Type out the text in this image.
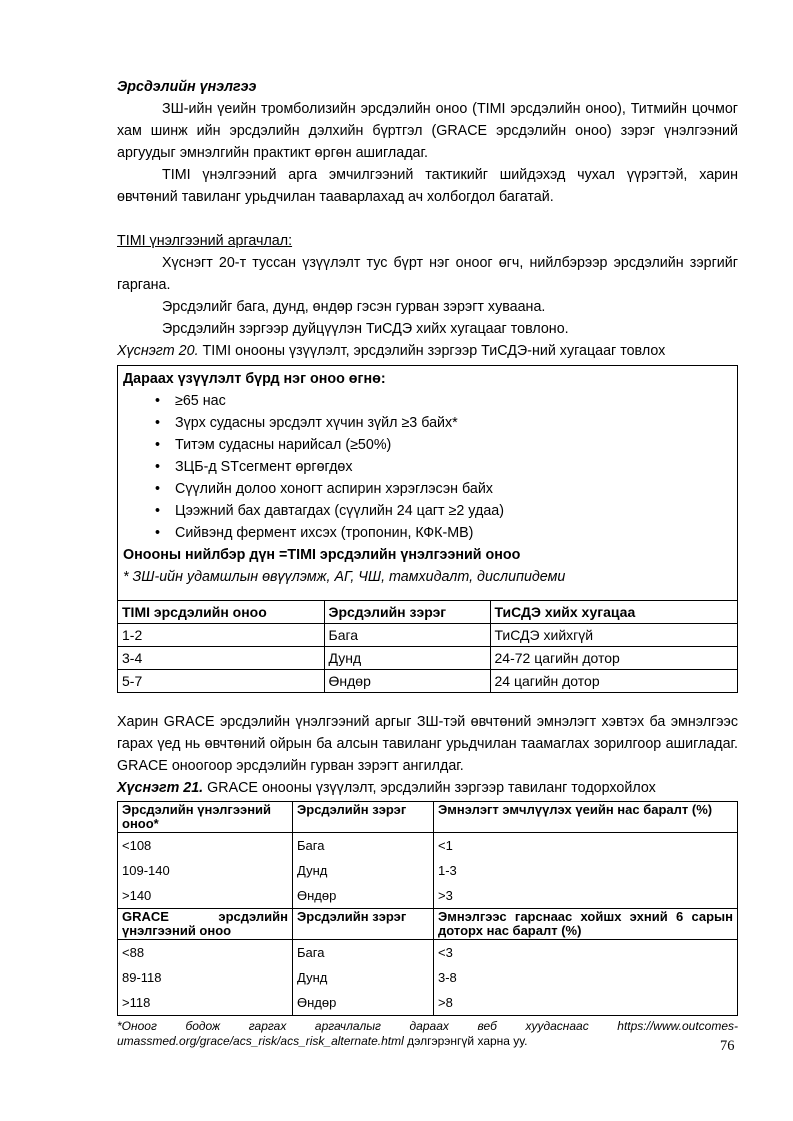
Эрсдэлийн үнэлгээ

ЗШ-ийн үеийн тромболизийн эрсдэлийн оноо (TIMI эрсдэлийн оноо), Титмийн цочмог хам шинж ийн эрсдэлийн дэлхийн бүртгэл (GRACE эрсдэлийн оноо) зэрэг үнэлгээний аргуудыг эмнэлгийн практикт өргөн ашигладаг.

TIMI үнэлгээний арга эмчилгээний тактикийг шийдэхэд чухал үүрэгтэй, харин өвчтөний тавиланг урьдчилан тааварлахад ач холбогдол багатай.

TIMI үнэлгээний аргачлал:

Хүснэгт 20-т туссан үзүүлэлт тус бүрт нэг оноог өгч, нийлбэрээр эрсдэлийн зэргийг гаргана.

Эрсдэлийг бага, дунд, өндөр гэсэн гурван зэрэгт хуваана.

Эрсдэлийн зэргээр дуйцүүлэн ТиСДЭ хийх хугацааг товлоно.

Хүснэгт 20. TIMI онооны үзүүлэлт, эрсдэлийн зэргээр ТиСДЭ-ний хугацааг товлох

Дараах үзүүлэлт бүрд нэг оноо өгнө:
• ≥65 нас
• Зүрх судасны эрсдэлт хүчин зүйл ≥3 байх*
• Титэм судасны нарийсал (≥50%)
• ЗЦБ-д STсегмент өргөгдөх
• Сүүлийн долоо хоногт аспирин хэрэглэсэн байх
• Цээжний бах давтагдах (сүүлийн 24 цагт ≥2 удаа)
• Сийвэнд фермент ихсэх (тропонин, КФК-МВ)
Онооны нийлбэр дүн =TIMI эрсдэлийн үнэлгээний оноо
* ЗШ-ийн удамшлын өвүүлэмж, АГ, ЧШ, тамхидалт, дислипидеми
TIMI эрсдэлийн оноо	Эрсдэлийн зэрэг	ТиСДЭ хийх хугацаа
1-2	Бага	ТиСДЭ хийхгүй
3-4	Дунд	24-72 цагийн дотор
5-7	Өндөр	24 цагийн дотор

Харин GRACE эрсдэлийн үнэлгээний аргыг ЗШ-тэй өвчтөний эмнэлэгт хэвтэх ба эмнэлгээс гарах үед нь өвчтөний ойрын ба алсын тавиланг урьдчилан таамаглах зорилгоор ашигладаг. GRACE оноогоор эрсдэлийн гурван зэрэгт ангилдаг.

Хүснэгт 21. GRACE онооны үзүүлэлт, эрсдэлийн зэргээр тавиланг тодорхойлох

Эрсдэлийн үнэлгээний оноо*	Эрсдэлийн зэрэг	Эмнэлэгт эмчлүүлэх үеийн нас баралт (%)
<108	Бага	<1
109-140	Дунд	1-3
>140	Өндөр	>3
GRACE эрсдэлийн үнэлгээний оноо	Эрсдэлийн зэрэг	Эмнэлгээс гарснаас хойшх эхний 6 сарын доторх нас баралт (%)
<88	Бага	<3
89-118	Дунд	3-8
>118	Өндөр	>8

*Оноог бодож гаргах аргачлалыг дараах веб хуудаснаас https://www.outcomes-umassmed.org/grace/acs_risk/acs_risk_alternate.html дэлгэрэнгүй харна уу.	76
